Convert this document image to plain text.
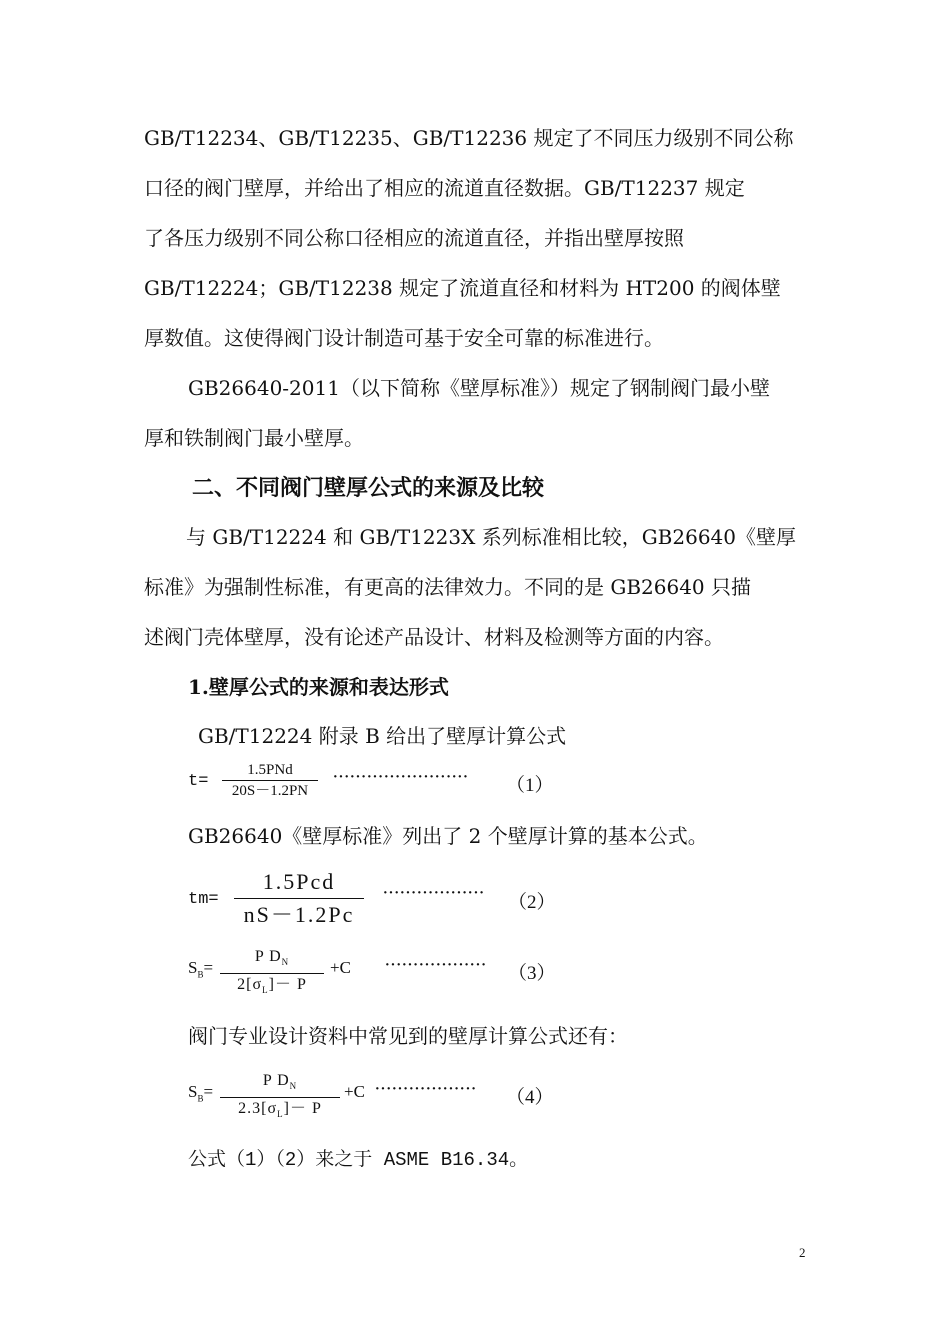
GB/T12234、GB/T12235、GB/T12236 规定了不同压力级别不同公称
口径的阀门壁厚，并给出了相应的流道直径数据。GB/T12237 规定
了各压力级别不同公称口径相应的流道直径，并指出壁厚按照
GB/T12224；GB/T12238 规定了流道直径和材料为 HT200 的阀体壁
厚数值。这使得阀门设计制造可基于安全可靠的标准进行。
GB26640-2011（以下简称《壁厚标准》）规定了钢制阀门最小壁
厚和铁制阀门最小壁厚。
二、不同阀门壁厚公式的来源及比较
与 GB/T12224 和 GB/T1223X 系列标准相比较，GB26640《壁厚
标准》为强制性标准，有更高的法律效力。不同的是 GB26640 只描
述阀门壳体壁厚，没有论述产品设计、材料及检测等方面的内容。
1.壁厚公式的来源和表达形式
GB/T12224 附录 B 给出了壁厚计算公式
t=
1.5PNd
20S－1.2PN
························ （1）
GB26640《壁厚标准》列出了 2 个壁厚计算的基本公式。
tm=
1.5Pcd
nS－1.2Pc
·················· （2）
$S_B= \frac{P D_N}{2[\sigma_L]- P} +C$ ·················· （3）
阀门专业设计资料中常见到的壁厚计算公式还有：
$S_B= \frac{P D_N}{2.3[\sigma_L]- P} +C$ ·················· （4）
公式（1）（2）来之于 ASME B16.34。
2
